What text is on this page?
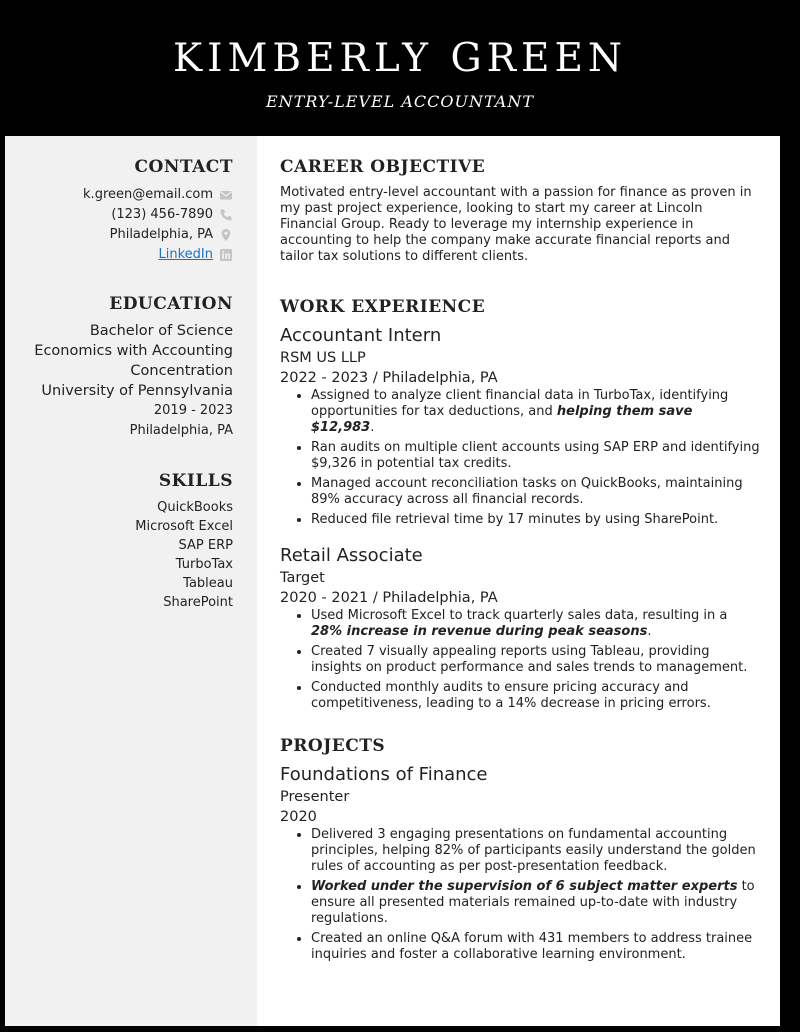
KIMBERLY GREEN
ENTRY-LEVEL ACCOUNTANT
CONTACT
k.green@email.com
(123) 456-7890
Philadelphia, PA
LinkedIn
EDUCATION
Bachelor of Science
Economics with Accounting
Concentration
University of Pennsylvania
2019 - 2023
Philadelphia, PA
SKILLS
QuickBooks
Microsoft Excel
SAP ERP
TurboTax
Tableau
SharePoint
CAREER OBJECTIVE
Motivated entry-level accountant with a passion for finance as proven in my past project experience, looking to start my career at Lincoln Financial Group. Ready to leverage my internship experience in accounting to help the company make accurate financial reports and tailor tax solutions to different clients.
WORK EXPERIENCE
Accountant Intern
RSM US LLP
2022 - 2023 / Philadelphia, PA
• Assigned to analyze client financial data in TurboTax, identifying opportunities for tax deductions, and helping them save $12,983.
• Ran audits on multiple client accounts using SAP ERP and identifying $9,326 in potential tax credits.
• Managed account reconciliation tasks on QuickBooks, maintaining 89% accuracy across all financial records.
• Reduced file retrieval time by 17 minutes by using SharePoint.
Retail Associate
Target
2020 - 2021 / Philadelphia, PA
• Used Microsoft Excel to track quarterly sales data, resulting in a 28% increase in revenue during peak seasons.
• Created 7 visually appealing reports using Tableau, providing insights on product performance and sales trends to management.
• Conducted monthly audits to ensure pricing accuracy and competitiveness, leading to a 14% decrease in pricing errors.
PROJECTS
Foundations of Finance
Presenter
2020
• Delivered 3 engaging presentations on fundamental accounting principles, helping 82% of participants easily understand the golden rules of accounting as per post-presentation feedback.
• Worked under the supervision of 6 subject matter experts to ensure all presented materials remained up-to-date with industry regulations.
• Created an online Q&A forum with 431 members to address trainee inquiries and foster a collaborative learning environment.
